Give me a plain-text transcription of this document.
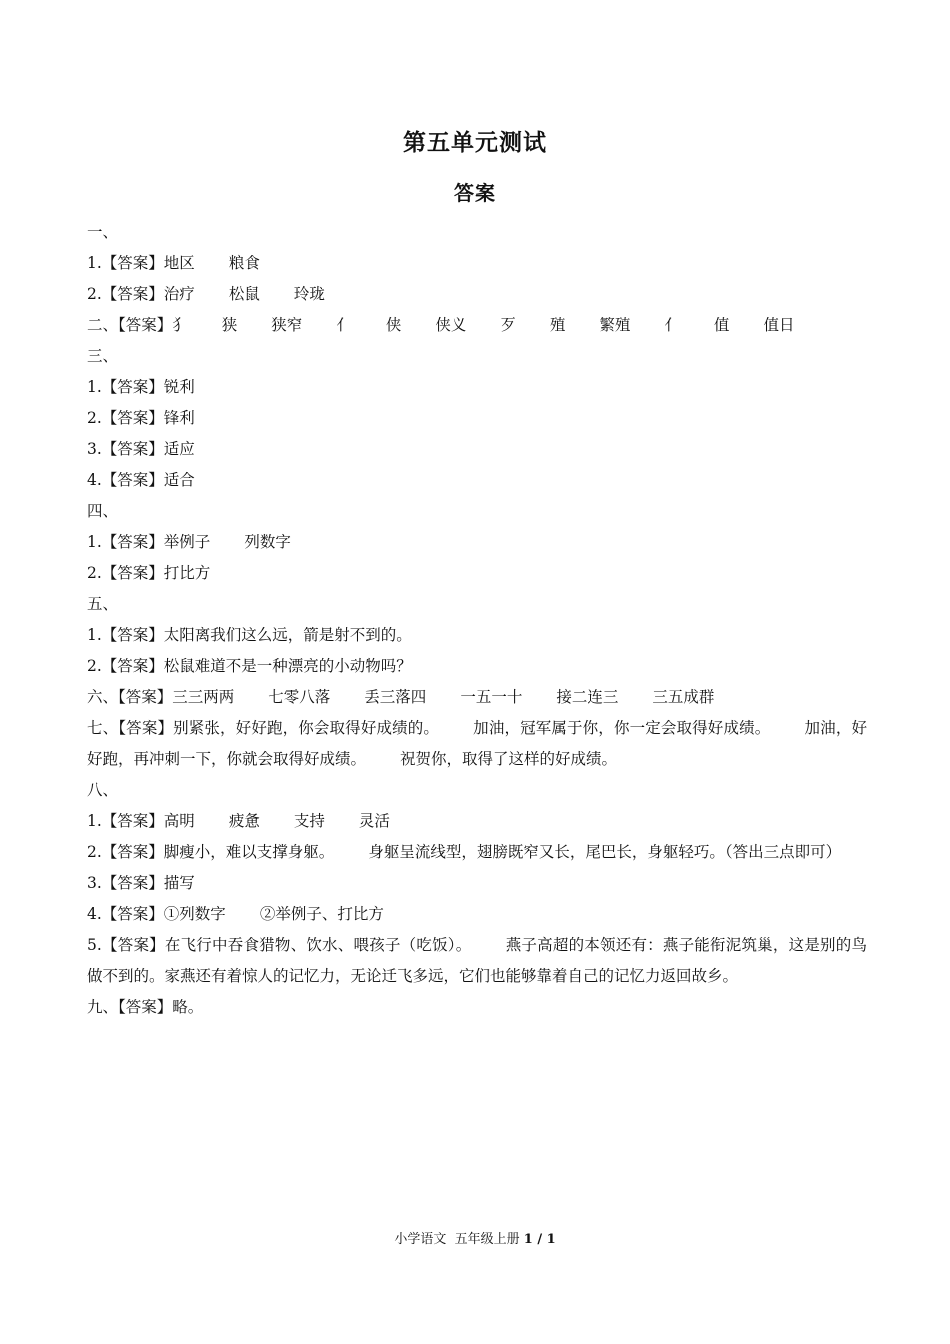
第五单元测试
答案
一、
1.【答案】地区 粮食
2.【答案】治疗 松鼠 玲珑
二、【答案】犭 狭 狭窄 亻 侠 侠义 歹 殖 繁殖 亻 值 值日
三、
1.【答案】锐利
2.【答案】锋利
3.【答案】适应
4.【答案】适合
四、
1.【答案】举例子 列数字
2.【答案】打比方
五、
1.【答案】太阳离我们这么远，箭是射不到的。
2.【答案】松鼠难道不是一种漂亮的小动物吗？
六、【答案】三三两两 七零八落 丢三落四 一五一十 接二连三 三五成群
七、【答案】别紧张，好好跑，你会取得好成绩的。 加油，冠军属于你，你一定会取得好成绩。 加油，好好跑，再冲刺一下，你就会取得好成绩。 祝贺你，取得了这样的好成绩。
八、
1.【答案】高明 疲惫 支持 灵活
2.【答案】脚瘦小，难以支撑身躯。 身躯呈流线型，翅膀既窄又长，尾巴长，身躯轻巧。（答出三点即可）
3.【答案】描写
4.【答案】①列数字 ②举例子、打比方
5.【答案】在飞行中吞食猎物、饮水、喂孩子（吃饭）。 燕子高超的本领还有：燕子能衔泥筑巢，这是别的鸟做不到的。家燕还有着惊人的记忆力，无论迁飞多远，它们也能够靠着自己的记忆力返回故乡。
九、【答案】略。
小学语文  五年级上册 1 / 1
